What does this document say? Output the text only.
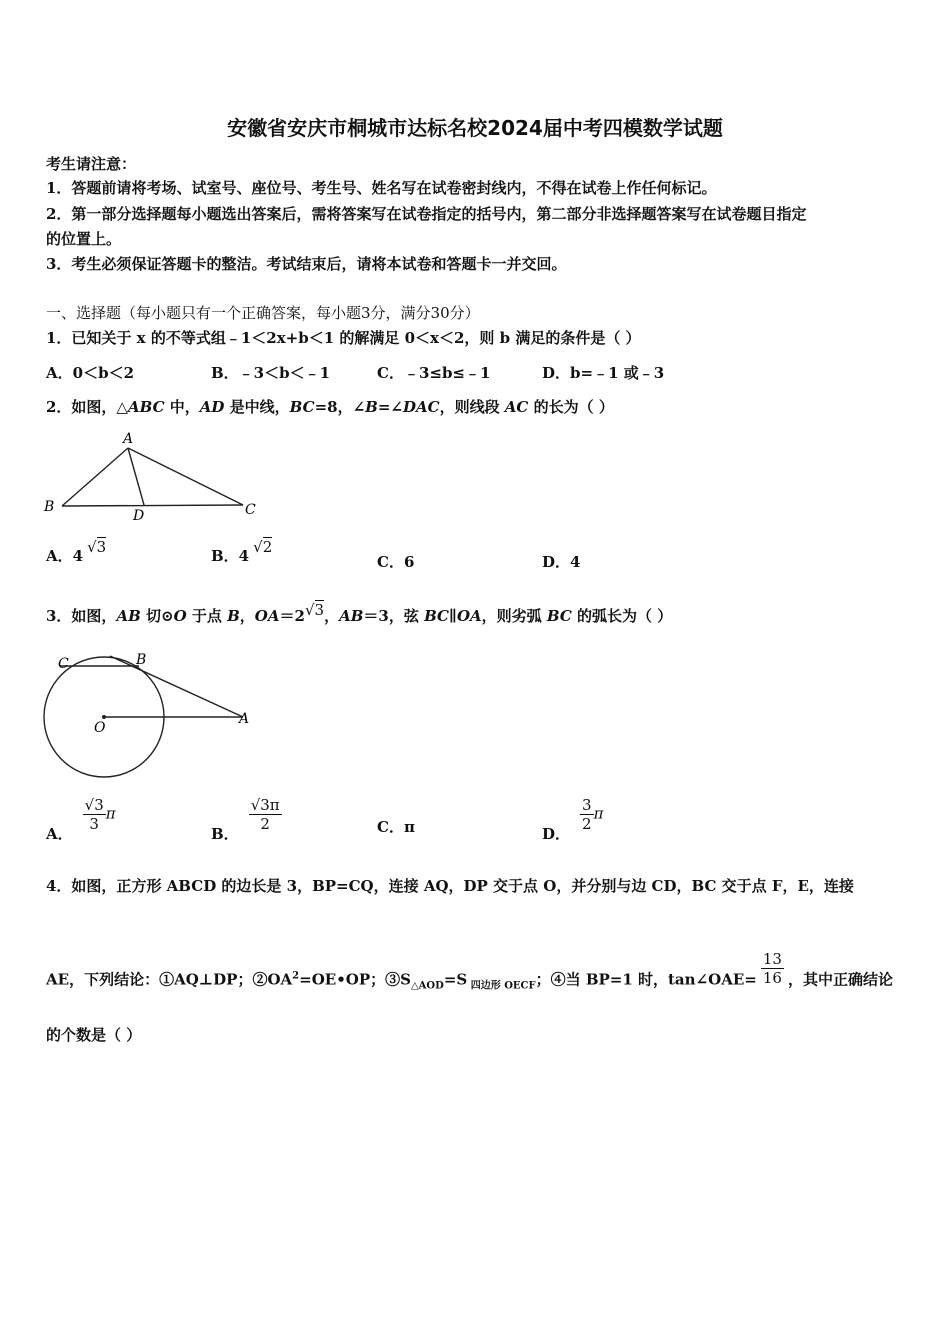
安徽省安庆市桐城市达标名校2024届中考四模数学试题
考生请注意：
1．答题前请将考场、试室号、座位号、考生号、姓名写在试卷密封线内，不得在试卷上作任何标记。
2．第一部分选择题每小题选出答案后，需将答案写在试卷指定的括号内，第二部分非选择题答案写在试卷题目指定
的位置上。
3．考生必须保证答题卡的整洁。考试结束后，请将本试卷和答题卡一并交回。
一、选择题（每小题只有一个正确答案，每小题3分，满分30分）
1．已知关于 x 的不等式组﹣1＜2x+b＜1 的解满足 0＜x＜2，则 b 满足的条件是（ ）
A．0＜b＜2	B．﹣3＜b＜﹣1	C．﹣3≤b≤﹣1	D．b=﹣1 或﹣3
2．如图，△ABC 中，AD 是中线，BC=8，∠B=∠DAC，则线段 AC 的长为（ ）
A
B
D	C
A．4 √3	B．4 √2
C．6	D．4
3．如图，AB 切⊙O 于点 B，OA＝2√3，AB＝3，弦 BC∥OA，则劣弧 BC 的弧长为（ ）
C	B
O
A
A．
$\frac{√3}{3}$ π
B．
$\frac{√3\pi}{2}$	C．π	D．
$\frac{3}{2}$ π
4．如图，正方形 ABCD 的边长是 3，BP=CQ，连接 AQ，DP 交于点 O，并分别与边 CD，BC 交于点 F，E，连接
AE，下列结论：①AQ⊥DP；$②OA^2=OE•OP$；$③S_{\triangle AOD}=S$ $_{四边形 OECF}$；④当 BP=1 时，tan∠OAE= $\frac{13}{16}$ ，其中正确结论
的个数是（ ）
